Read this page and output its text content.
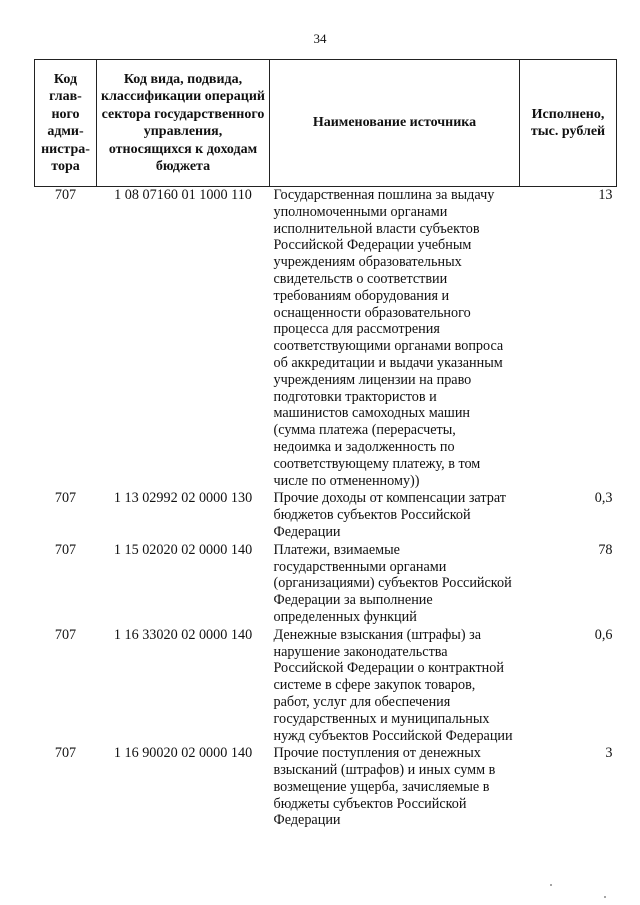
34
Код глав-ного адми-нистра-тора	Код вида, подвида, классификации операций сектора государственного управления, относящихся к доходам бюджета	Наименование источника	Исполнено, тыс. рублей
707	1 08 07160 01 1000 110	Государственная пошлина за выдачу уполномоченными органами исполнительной власти субъектов Российской Федерации учебным учреждениям образовательных свидетельств о соответствии требованиям оборудования и оснащенности образовательного процесса для рассмотрения соответствующими органами вопроса об аккредитации и выдачи указанным учреждениям лицензии на право подготовки трактористов и машинистов самоходных машин (сумма платежа (перерасчеты, недоимка и задолженность по соответствующему платежу, в том числе по отмененному))	13
707	1 13 02992 02 0000 130	Прочие доходы от компенсации затрат бюджетов субъектов Российской Федерации	0,3
707	1 15 02020 02 0000 140	Платежи, взимаемые государственными органами (организациями) субъектов Российской Федерации за выполнение определенных функций	78
707	1 16 33020 02 0000 140	Денежные взыскания (штрафы) за нарушение законодательства Российской Федерации о контрактной системе в сфере закупок товаров, работ, услуг для обеспечения государственных и муниципальных нужд субъектов Российской Федерации	0,6
707	1 16 90020 02 0000 140	Прочие поступления от денежных взысканий (штрафов) и иных сумм в возмещение ущерба, зачисляемые в бюджеты субъектов Российской Федерации	3
